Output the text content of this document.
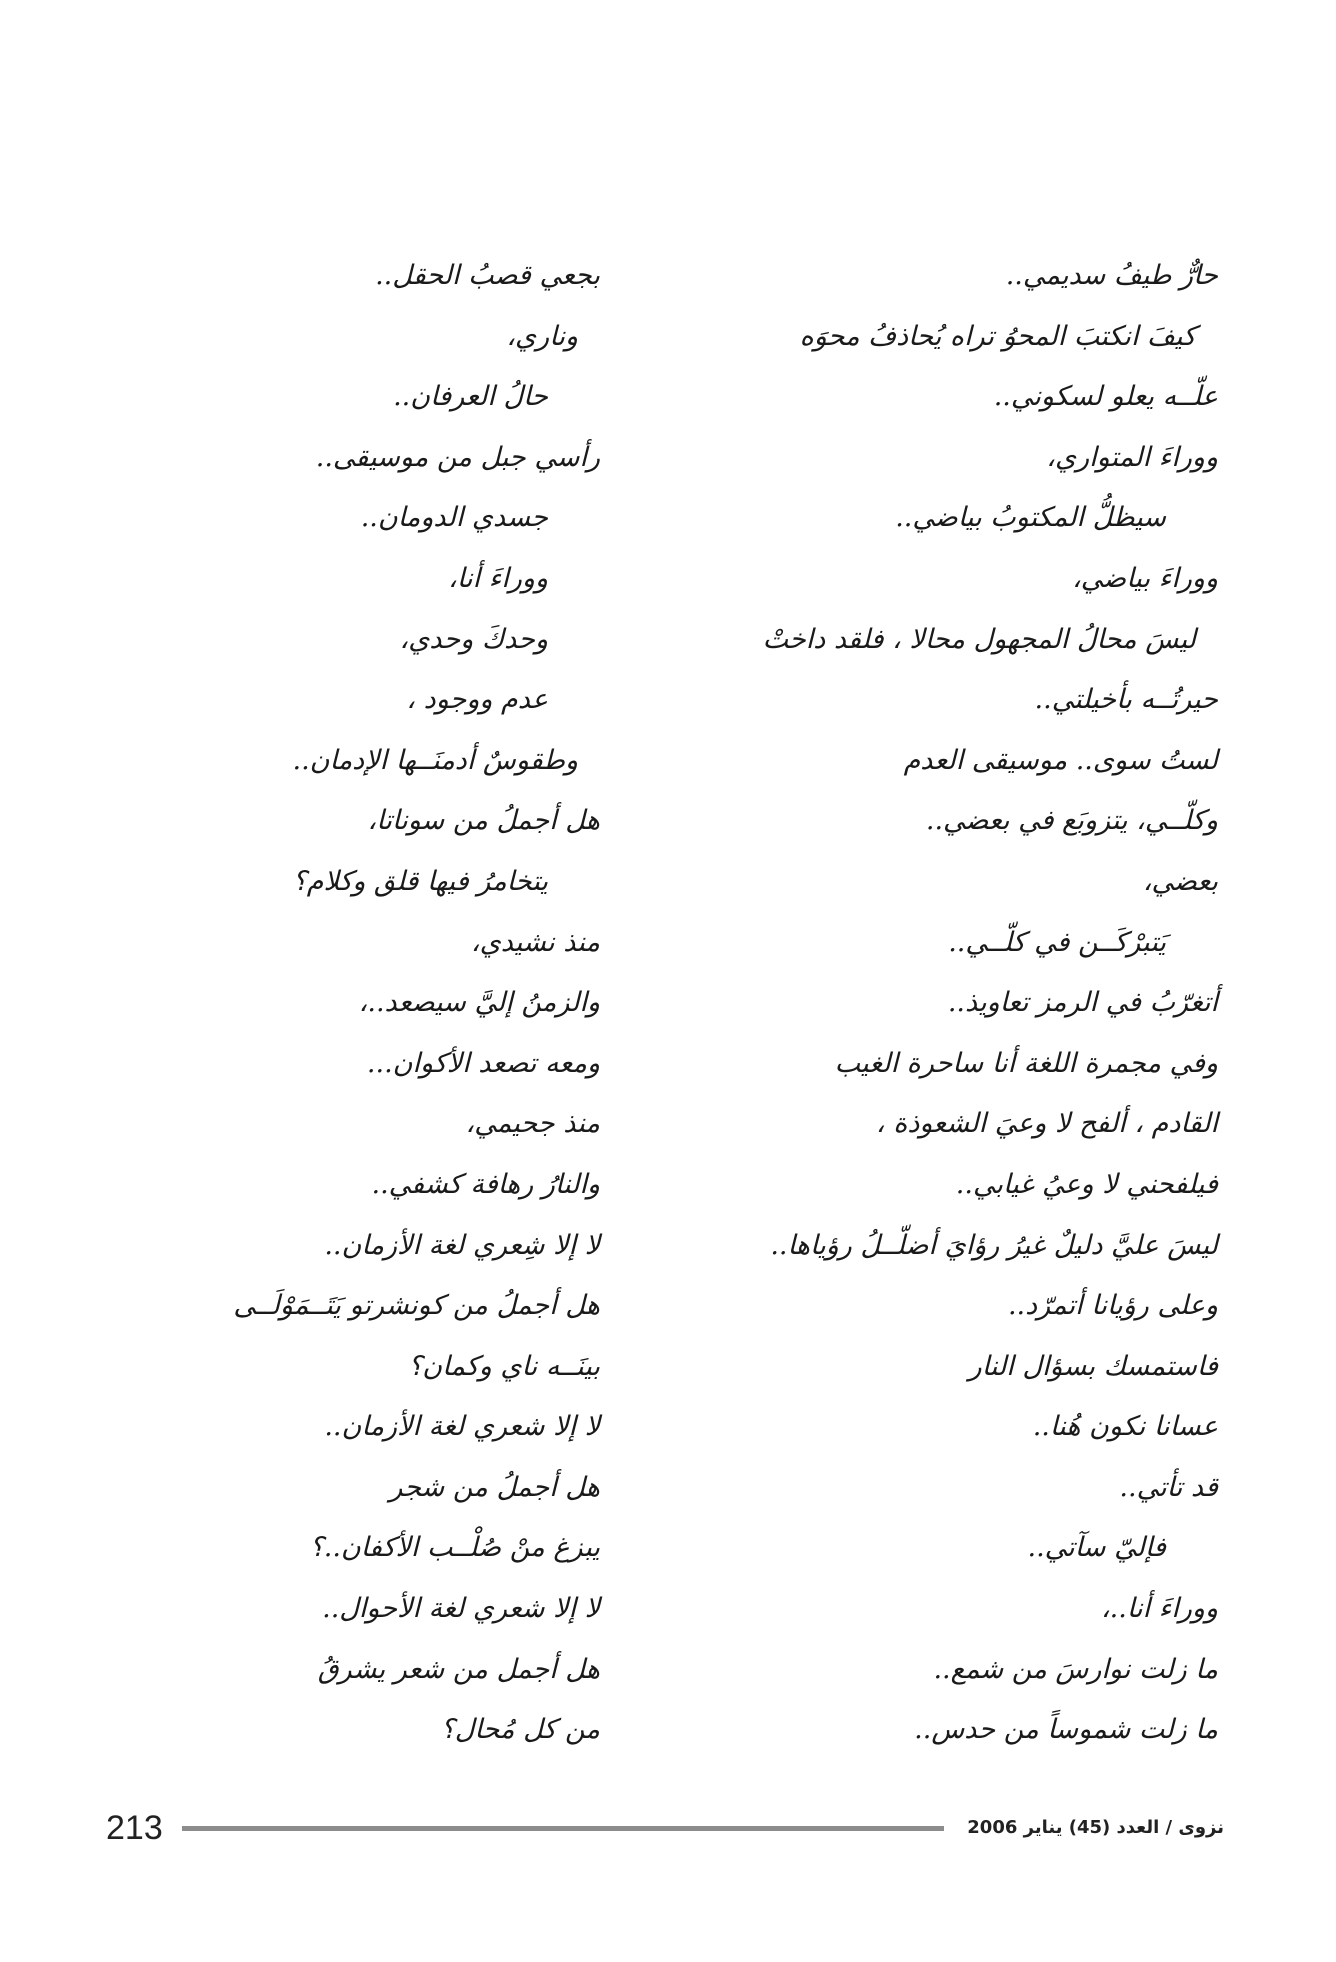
حارٌّ طيفُ سديمي..
كيفَ انكتبَ المحوُ تراه يُحاذفُ محوَه
علّــه يعلو لسكوني..
ووراءَ المتواري،
سيظلُّ المكتوبُ بياضي..
ووراءَ بياضي،
ليسَ محالُ المجهول محالا ، فلقد داختْ
حيرتُــه بأخيلتي..
لستُ سوى.. موسيقى العدم
وكلّــي، يتزوبَع في بعضي..
بعضي،
يَتبرْكَــن في كلّــي..
أتغرّبُ في الرمز تعاويذ..
وفي مجمرة اللغة أنا ساحرة الغيب
القادم ، ألفح لا وعيَ الشعوذة ،
فيلفحني لا وعيُ غيابي..
ليسَ عليَّ دليلٌ غيرُ رؤايَ أضلّــلُ رؤياها..
وعلى رؤيانا أتمرّد..
فاستمسك بسؤال النار
عسانا نكون هُنا..
قد تأتي..
فإليّ سآتي..
ووراءَ أنا..،
ما زلت نوارسَ من شمع..
ما زلت شموساً من حدس..
بجعي قصبُ الحقل..
وناري،
حالُ العرفان..
رأسي جبل من موسيقى..
جسدي الدومان..
ووراءَ أنا،
وحدكَ وحدي،
عدم ووجود ،
وطقوسٌ أدمنَــها الإدمان..
هل أجملُ من سوناتا،
يتخامرُ فيها قلق وكلام؟
منذ نشيدي،
والزمنُ إليَّ سيصعد..،
ومعه تصعد الأكوان...
منذ جحيمي،
والنارُ رهافة كشفي..
لا إلا شِعري لغة الأزمان..
هل أجملُ من كونشرتو يَتَــمَوْلَــى
بينَــه ناي وكمان؟
لا إلا شعري لغة الأزمان..
هل أجملُ من شجر
يبزغ منْ صُلْــب الأكفان..؟
لا إلا شعري لغة الأحوال..
هل أجمل من شعر يشرقُ
من كل مُحال؟
213	نزوى / العدد (45) يناير 2006
